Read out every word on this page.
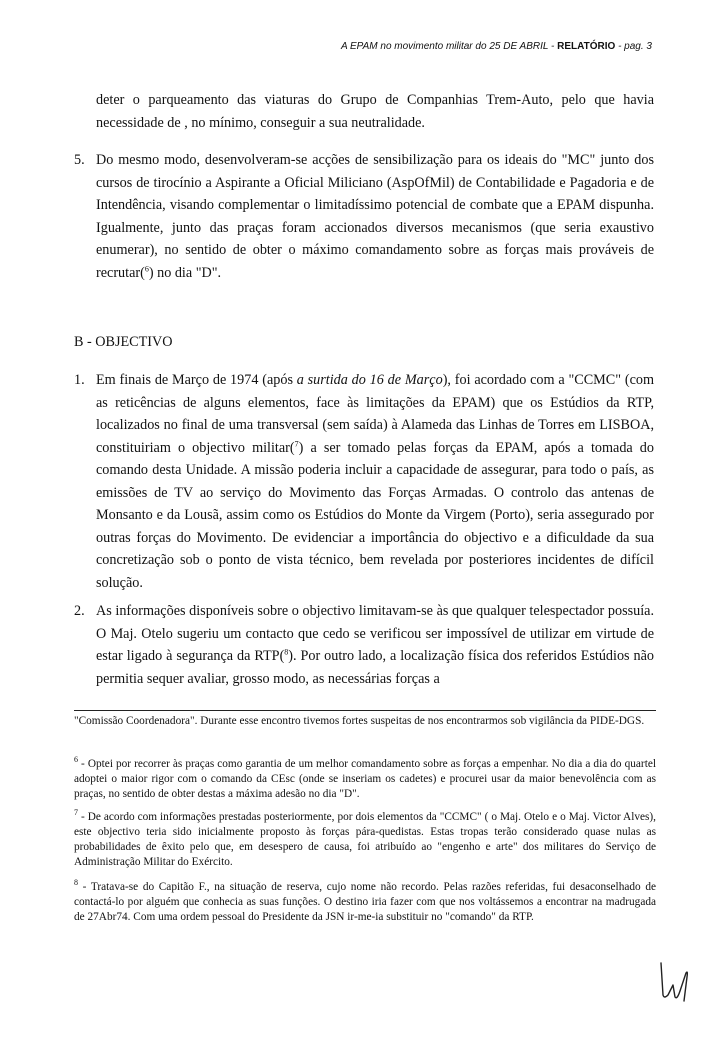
A EPAM no movimento militar do 25 DE ABRIL - RELATÓRIO - pag. 3

deter o parqueamento das viaturas do Grupo de Companhias Trem-Auto, pelo que havia necessidade de , no mínimo, conseguir a sua neutralidade.

5. Do mesmo modo, desenvolveram-se acções de sensibilização para os ideais do "MC" junto dos cursos de tirocínio a Aspirante a Oficial Miliciano (AspOfMil) de Contabilidade e Pagadoria e de Intendência, visando complementar o limitadíssimo potencial de combate que a EPAM dispunha. Igualmente, junto das praças foram accionados diversos mecanismos (que seria exaustivo enumerar), no sentido de obter o máximo comandamento sobre as forças mais prováveis de recrutar($^6$) no dia "D".

B - OBJECTIVO
1. Em finais de Março de 1974 (após a surtida do 16 de Março), foi acordado com a "CCMC" (com as reticências de alguns elementos, face às limitações da EPAM) que os Estúdios da RTP, localizados no final de uma transversal (sem saída) à Alameda das Linhas de Torres em LISBOA, constituiriam o objectivo militar($^7$) a ser tomado pelas forças da EPAM, após a tomada do comando desta Unidade. A missão poderia incluir a capacidade de assegurar, para todo o país, as emissões de TV ao serviço do Movimento das Forças Armadas. O controlo das antenas de Monsanto e da Lousã, assim como os Estúdios do Monte da Virgem (Porto), seria assegurado por outras forças do Movimento. De evidenciar a importância do objectivo e a dificuldade da sua concretização sob o ponto de vista técnico, bem revelada por posteriores incidentes de difícil solução.

2. As informações disponíveis sobre o objectivo limitavam-se às que qualquer telespectador possuía. O Maj. Otelo sugeriu um contacto que cedo se verificou ser impossível de utilizar em virtude de estar ligado à segurança da RTP($^8$). Por outro lado, a localização física dos referidos Estúdios não permitia sequer avaliar, grosso modo, as necessárias forças a

"Comissão Coordenadora". Durante esse encontro tivemos fortes suspeitas de nos encontrarmos sob vigilância da PIDE-DGS.

$^6$ - Optei por recorrer às praças como garantia de um melhor comandamento sobre as forças a empenhar. No dia a dia do quartel adoptei o maior rigor com o comando da CEsc (onde se inseriam os cadetes) e procurei usar da maior benevolência com as praças, no sentido de obter destas a máxima adesão no dia "D".

$^7$ - De acordo com informações prestadas posteriormente, por dois elementos da "CCMC" ( o Maj. Otelo e o Maj. Victor Alves), este objectivo teria sido inicialmente proposto às forças pára-quedistas. Estas tropas terão considerado quase nulas as probabilidades de êxito pelo que, em desespero de causa, foi atribuído ao "engenho e arte" dos militares do Serviço de Administração Militar do Exército.

$^8$ - Tratava-se do Capitão F., na situação de reserva, cujo nome não recordo. Pelas razões referidas, fui desaconselhado de contactá-lo por alguém que conhecia as suas funções. O destino iria fazer com que nos voltássemos a encontrar na madrugada de 27Abr74. Com uma ordem pessoal do Presidente da JSN ir-me-ia substituir no "comando" da RTP.
